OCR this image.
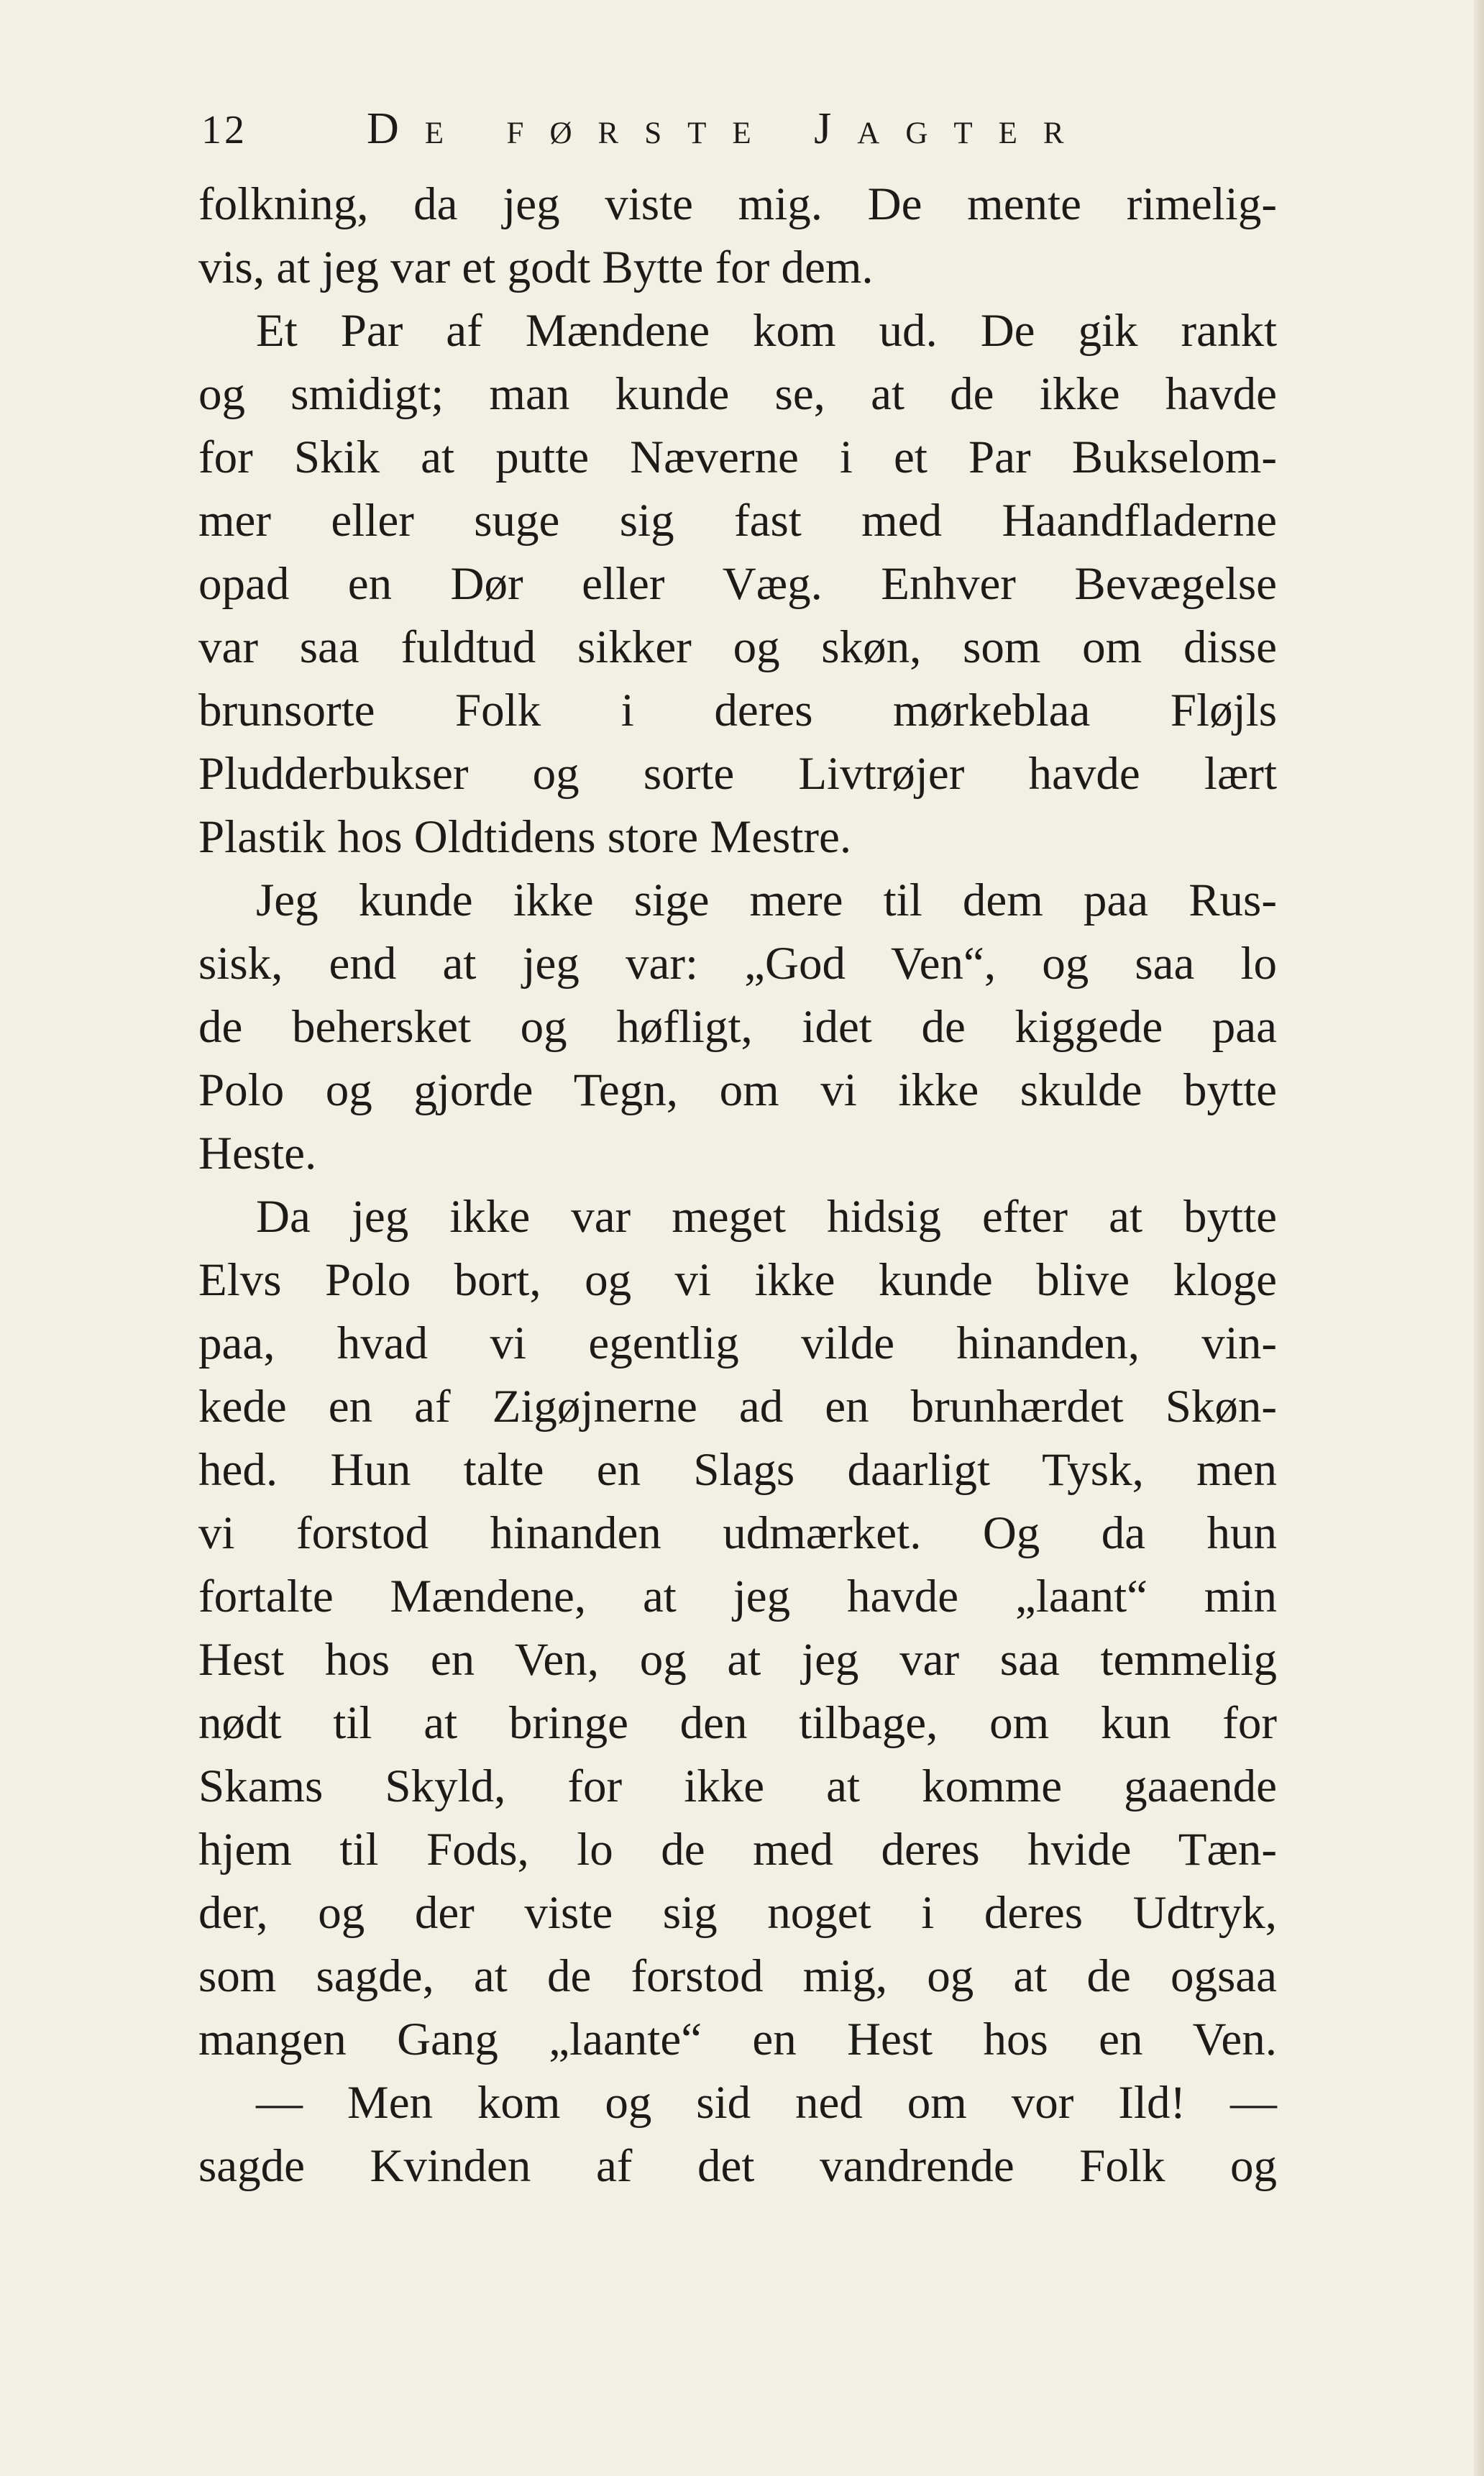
12	De første Jagter
folkning, da jeg viste mig. De mente rimelig-
vis, at jeg var et godt Bytte for dem.
Et Par af Mændene kom ud. De gik rankt
og smidigt; man kunde se, at de ikke havde
for Skik at putte Næverne i et Par Bukselom-
mer eller suge sig fast med Haandfladerne
opad en Dør eller Væg. Enhver Bevægelse
var saa fuldtud sikker og skøn, som om disse
brunsorte Folk i deres mørkeblaa Fløjls
Pludderbukser og sorte Livtrøjer havde lært
Plastik hos Oldtidens store Mestre.
Jeg kunde ikke sige mere til dem paa Rus-
sisk, end at jeg var: „God Ven“, og saa lo
de behersket og høfligt, idet de kiggede paa
Polo og gjorde Tegn, om vi ikke skulde bytte
Heste.
Da jeg ikke var meget hidsig efter at bytte
Elvs Polo bort, og vi ikke kunde blive kloge
paa, hvad vi egentlig vilde hinanden, vin-
kede en af Zigøjnerne ad en brunhærdet Skøn-
hed. Hun talte en Slags daarligt Tysk, men
vi forstod hinanden udmærket. Og da hun
fortalte Mændene, at jeg havde „laant“ min
Hest hos en Ven, og at jeg var saa temmelig
nødt til at bringe den tilbage, om kun for
Skams Skyld, for ikke at komme gaaende
hjem til Fods, lo de med deres hvide Tæn-
der, og der viste sig noget i deres Udtryk,
som sagde, at de forstod mig, og at de ogsaa
mangen Gang „laante“ en Hest hos en Ven.
— Men kom og sid ned om vor Ild! —
sagde Kvinden af det vandrende Folk og
